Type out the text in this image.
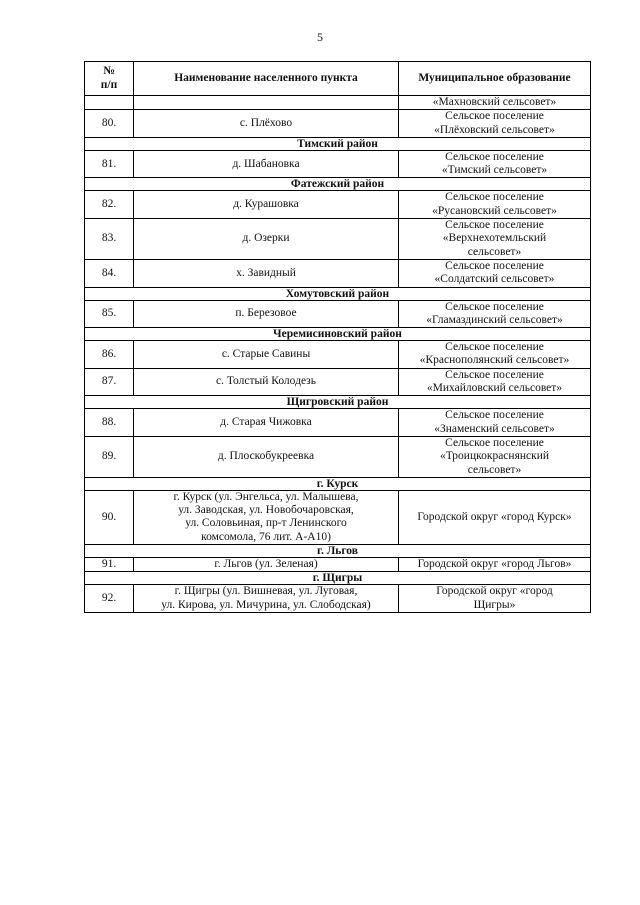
5
№
п/п	Наименование населенного пункта	Муниципальное образование
		«Махновский сельсовет»
80.	с. Плёхово	Сельское поселение
«Плёховский сельсовет»
Тимский район		
81.	д. Шабановка	Сельское поселение
«Тимский сельсовет»
Фатежский район		
82.	д. Курашовка	Сельское поселение
«Русановский сельсовет»
83.	д. Озерки	Сельское поселение
«Верхнехотемльский
сельсовет»
84.	х. Завидный	Сельское поселение
«Солдатский сельсовет»
Хомутовский район		
85.	п. Березовое	Сельское поселение
«Гламаздинский сельсовет»
Черемисиновский район		
86.	с. Старые Савины	Сельское поселение
«Краснополянский сельсовет»
87.	с. Толстый Колодезь	Сельское поселение
«Михайловский сельсовет»
Щигровский район		
88.	д. Старая Чижовка	Сельское поселение
«Знаменский сельсовет»
89.	д. Плоскобукреевка	Сельское поселение
«Троицкокраснянский
сельсовет»
г. Курск		
90.	г. Курск (ул. Энгельса, ул. Малышева,
ул. Заводская, ул. Новобочаровская,
ул. Соловьиная, пр-т Ленинского
комсомола, 76 лит. А-А10)	Городской округ «город Курск»
г. Льгов		
91.	г. Льгов (ул. Зеленая)	Городской округ «город Льгов»
г. Щигры		
92.	г. Щигры (ул. Вишневая, ул. Луговая,
ул. Кирова, ул. Мичурина, ул. Слободская)	Городской округ «город
Щигры»
